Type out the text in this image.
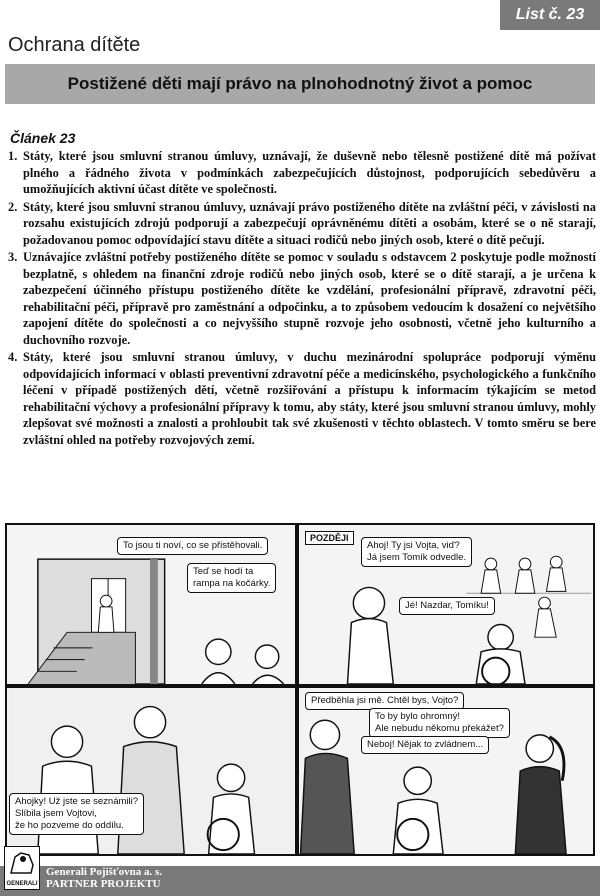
List č. 23
Ochrana dítěte
Postižené děti mají právo na plnohodnotný život a pomoc
Článek 23
1. Státy, které jsou smluvní stranou úmluvy, uznávají, že duševně nebo tělesně postižené dítě má požívat plného a řádného života v podmínkách zabezpečujících důstojnost, podporujících sebedůvěru a umožňujících aktivní účast dítěte ve společnosti.
2. Státy, které jsou smluvní stranou úmluvy, uznávají právo postiženého dítěte na zvláštní péči, v závislosti na rozsahu existujících zdrojů podporují a zabezpečují oprávněnému dítěti a osobám, které se o ně starají, požadovanou pomoc odpovídající stavu dítěte a situaci rodičů nebo jiných osob, které o dítě pečují.
3. Uznávajíce zvláštní potřeby postiženého dítěte se pomoc v souladu s odstavcem 2 poskytuje podle možností bezplatně, s ohledem na finanční zdroje rodičů nebo jiných osob, které se o dítě starají, a je určena k zabezpečení účinného přístupu postiženého dítěte ke vzdělání, profesionální přípravě, zdravotní péči, rehabilitační péči, přípravě pro zaměstnání a odpočinku, a to způsobem vedoucím k dosažení co největšího zapojení dítěte do společnosti a co nejvyššího stupně rozvoje jeho osobnosti, včetně jeho kulturního a duchovního rozvoje.
4. Státy, které jsou smluvní stranou úmluvy, v duchu mezinárodní spolupráce podporují výměnu odpovídajících informací v oblasti preventivní zdravotní péče a medicínského, psychologického a funkčního léčení v případě postižených dětí, včetně rozšiřování a přístupu k informacím týkajícím se metod rehabilitační výchovy a profesionální přípravy k tomu, aby státy, které jsou smluvní stranou úmluvy, mohly zlepšovat své možnosti a znalosti a prohloubit tak své zkušenosti v těchto oblastech. V tomto směru se bere zvláštní ohled na potřeby rozvojových zemí.
To jsou ti noví, co se přistěhovali.
Teď se hodí ta
rampa na kočárky.
POZDĚJI
Ahoj! Ty jsi Vojta, viď?
Já jsem Tomík odvedle.
Jé! Nazdar, Tomíku!
Ahojky! Už jste se seznámili?
Slíbila jsem Vojtovi,
že ho pozveme do oddílu.
Předběhla jsi mě. Chtěl bys, Vojto?
To by bylo ohromný!
Ale nebudu někomu překážet?
Neboj! Nějak to zvládnem...
GENERALI
Generali Pojišťovna a. s.
PARTNER PROJEKTU
